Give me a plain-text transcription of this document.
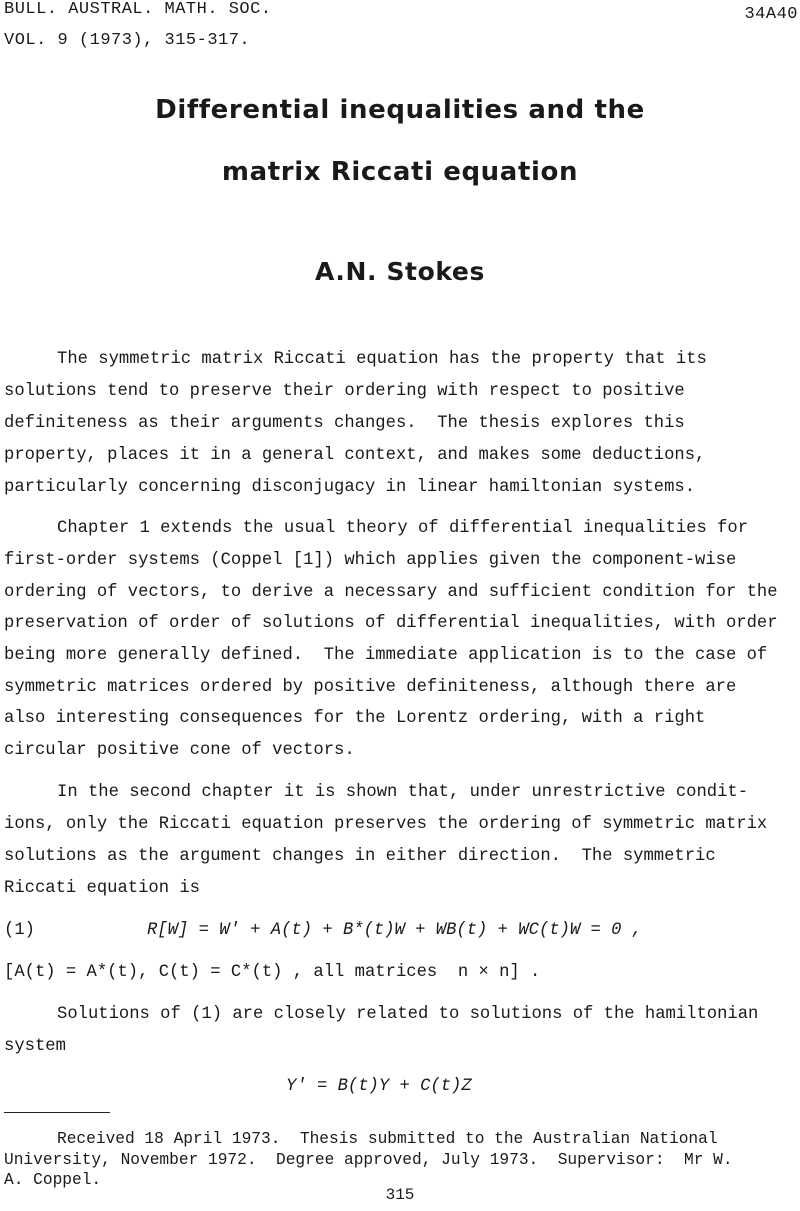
BULL. AUSTRAL. MATH. SOC.
VOL. 9 (1973), 315-317.
34A40
Differential inequalities and the
matrix Riccati equation
A.N. Stokes
The symmetric matrix Riccati equation has the property that its
solutions tend to preserve their ordering with respect to positive
definiteness as their arguments changes.  The thesis explores this
property, places it in a general context, and makes some deductions,
particularly concerning disconjugacy in linear hamiltonian systems.
Chapter 1 extends the usual theory of differential inequalities for
first-order systems (Coppel [1]) which applies given the component-wise
ordering of vectors, to derive a necessary and sufficient condition for the
preservation of order of solutions of differential inequalities, with order
being more generally defined.  The immediate application is to the case of
symmetric matrices ordered by positive definiteness, although there are
also interesting consequences for the Lorentz ordering, with a right
circular positive cone of vectors.
In the second chapter it is shown that, under unrestrictive condit-
ions, only the Riccati equation preserves the ordering of symmetric matrix
solutions as the argument changes in either direction.  The symmetric
Riccati equation is
(1)	R[W] = W' + A(t) + B*(t)W + WB(t) + WC(t)W = 0 ,
[A(t) = A*(t), C(t) = C*(t) , all matrices  n × n] .
Solutions of (1) are closely related to solutions of the hamiltonian
system
Y' = B(t)Y + C(t)Z
Received 18 April 1973.  Thesis submitted to the Australian National
University, November 1972.  Degree approved, July 1973.  Supervisor:  Mr W.
A. Coppel.
315
